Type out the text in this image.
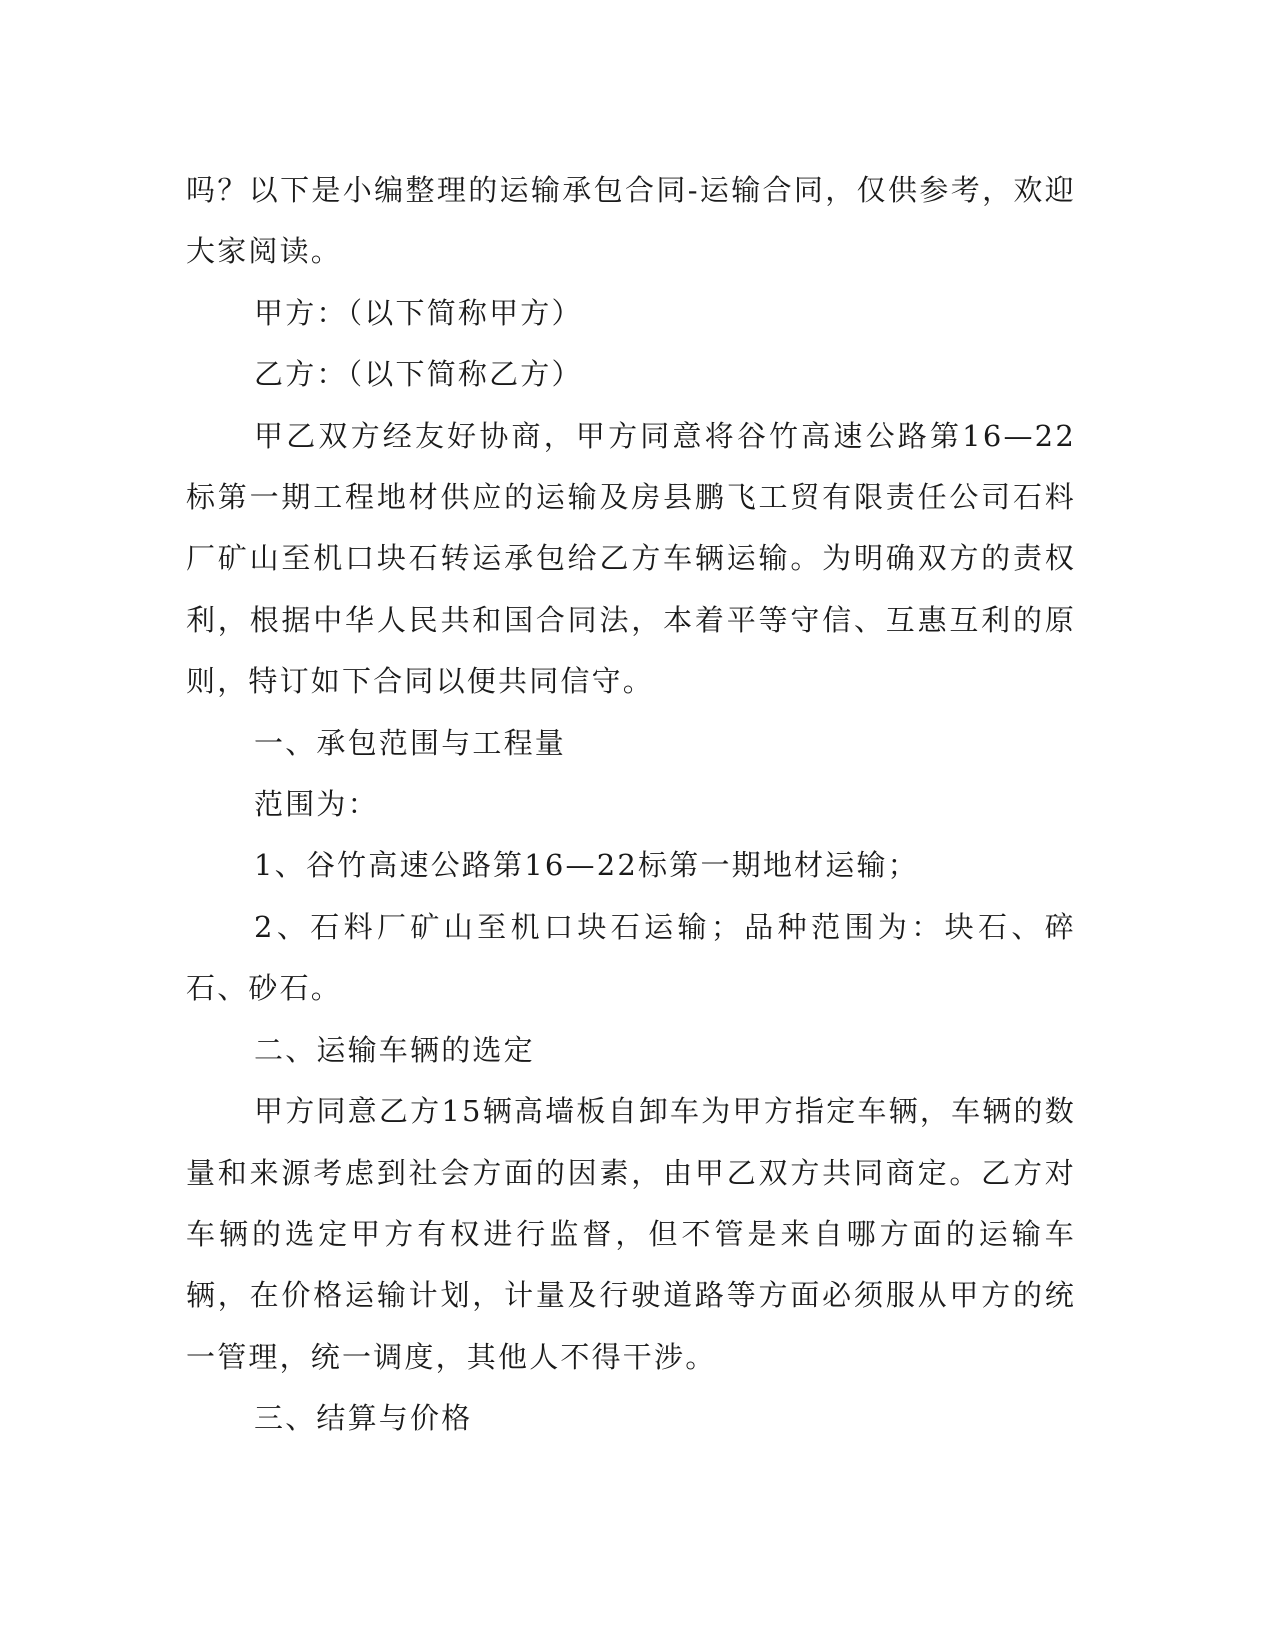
吗？以下是小编整理的运输承包合同-运输合同，仅供参考，欢迎大家阅读。

甲方：（以下简称甲方）

乙方：（以下简称乙方）

甲乙双方经友好协商，甲方同意将谷竹高速公路第16—22标第一期工程地材供应的运输及房县鹏飞工贸有限责任公司石料厂矿山至机口块石转运承包给乙方车辆运输。为明确双方的责权利，根据中华人民共和国合同法，本着平等守信、互惠互利的原则，特订如下合同以便共同信守。

一、承包范围与工程量

范围为：

1、谷竹高速公路第16—22标第一期地材运输；

2、石料厂矿山至机口块石运输；品种范围为：块石、碎石、砂石。

二、运输车辆的选定

甲方同意乙方15辆高墙板自卸车为甲方指定车辆，车辆的数量和来源考虑到社会方面的因素，由甲乙双方共同商定。乙方对车辆的选定甲方有权进行监督，但不管是来自哪方面的运输车辆，在价格运输计划，计量及行驶道路等方面必须服从甲方的统一管理，统一调度，其他人不得干涉。

三、结算与价格
